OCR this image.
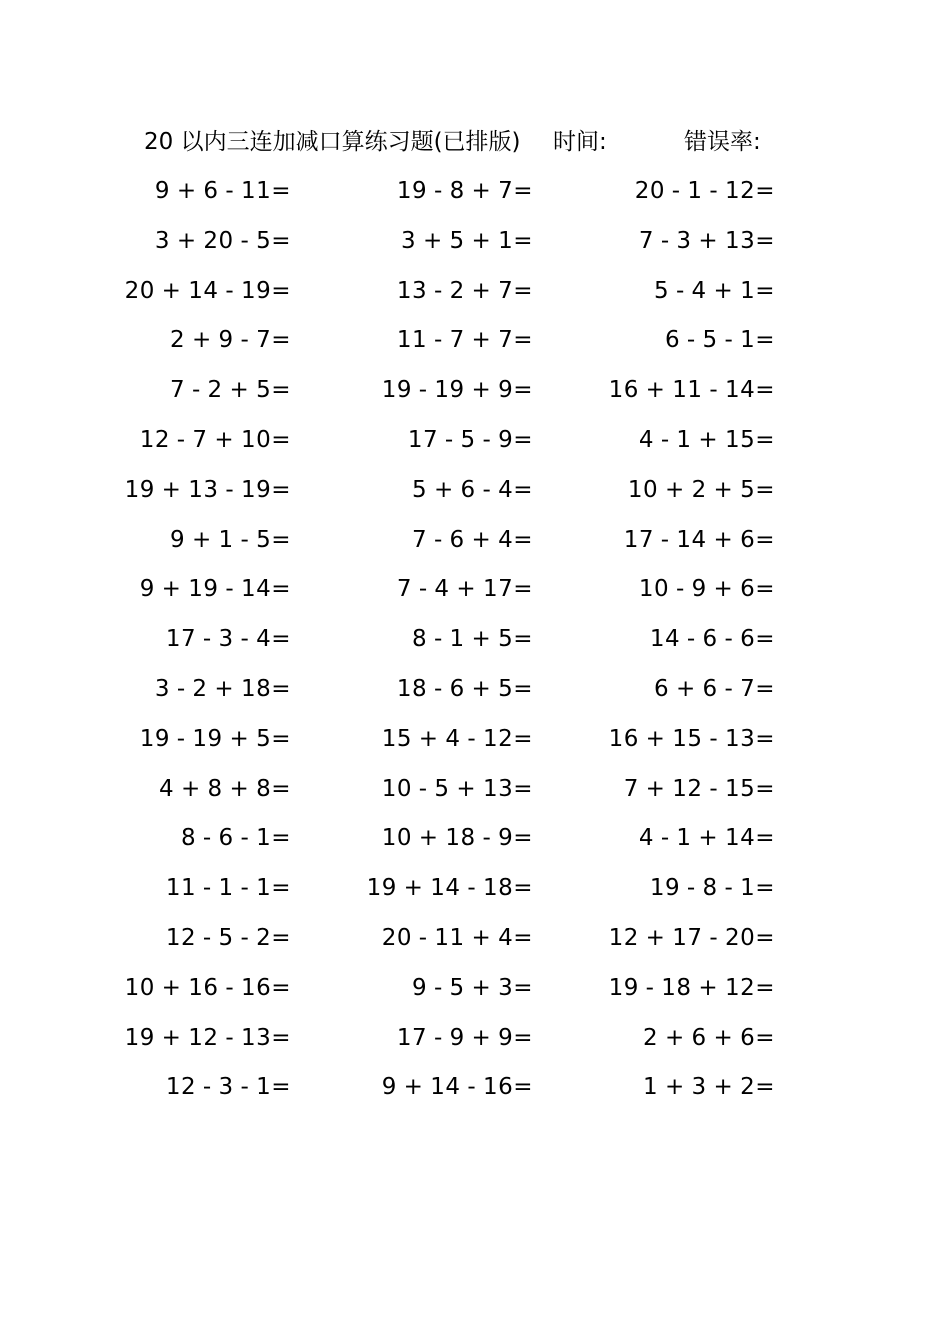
20 以内三连加减口算练习题(已排版) 时间:	错误率:
9 + 6 - 11=	19 - 8 + 7=	20 - 1 - 12=
3 + 20 - 5=	3 + 5 + 1=	7 - 3 + 13=
20 + 14 - 19=	13 - 2 + 7=	5 - 4 + 1=
2 + 9 - 7=	11 - 7 + 7=	6 - 5 - 1=
7 - 2 + 5=	19 - 19 + 9=	16 + 11 - 14=
12 - 7 + 10=	17 - 5 - 9=	4 - 1 + 15=
19 + 13 - 19=	5 + 6 - 4=	10 + 2 + 5=
9 + 1 - 5=	7 - 6 + 4=	17 - 14 + 6=
9 + 19 - 14=	7 - 4 + 17=	10 - 9 + 6=
17 - 3 - 4=	8 - 1 + 5=	14 - 6 - 6=
3 - 2 + 18=	18 - 6 + 5=	6 + 6 - 7=
19 - 19 + 5=	15 + 4 - 12=	16 + 15 - 13=
4 + 8 + 8=	10 - 5 + 13=	7 + 12 - 15=
8 - 6 - 1=	10 + 18 - 9=	4 - 1 + 14=
11 - 1 - 1=	19 + 14 - 18=	19 - 8 - 1=
12 - 5 - 2=	20 - 11 + 4=	12 + 17 - 20=
10 + 16 - 16=	9 - 5 + 3=	19 - 18 + 12=
19 + 12 - 13=	17 - 9 + 9=	2 + 6 + 6=
12 - 3 - 1=	9 + 14 - 16=	1 + 3 + 2=
